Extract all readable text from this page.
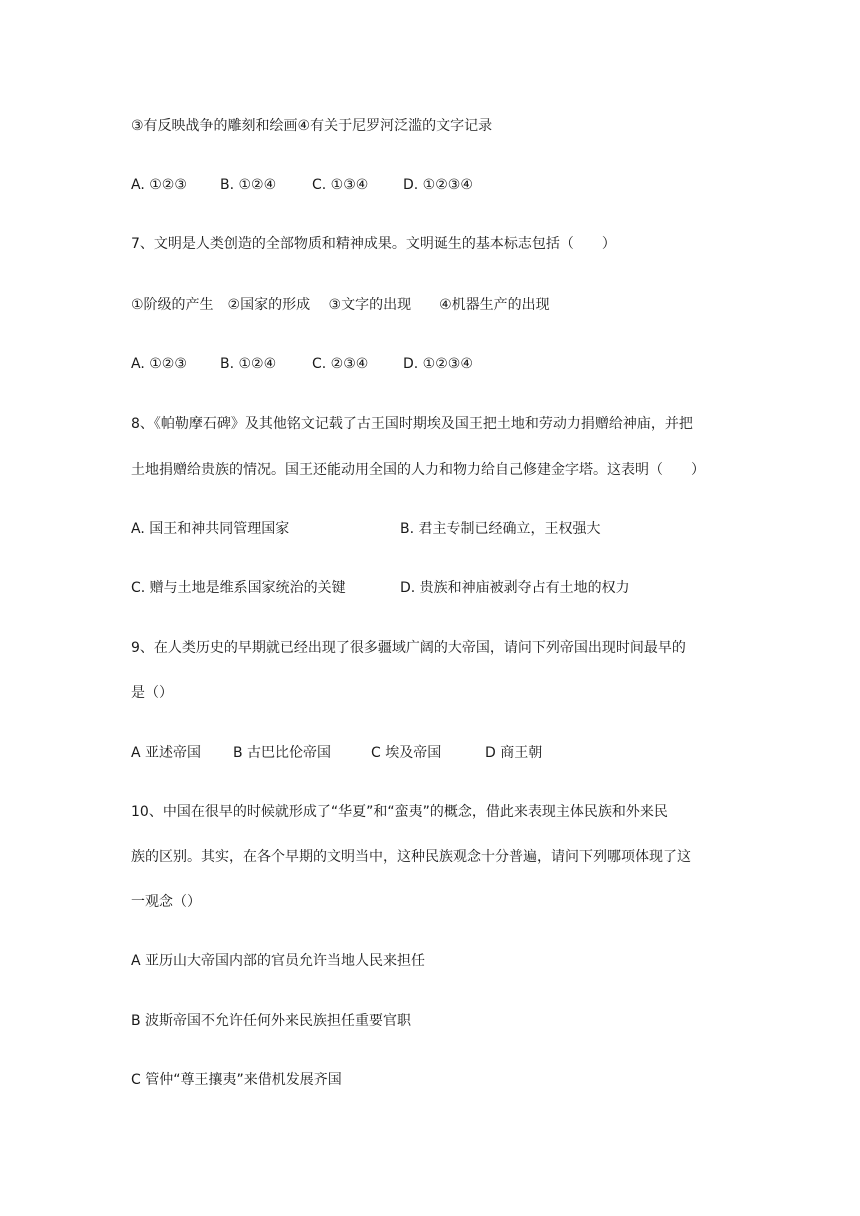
③有反映战争的雕刻和绘画④有关于尼罗河泛滥的文字记录
A. ①②③ B. ①②④	C. ①③④ D. ①②③④
7、文明是人类创造的全部物质和精神成果。文明诞生的基本标志包括（　　）
①阶级的产生　②国家的形成　 ③文字的出现　　④机器生产的出现
A. ①②③ B. ①②④	C. ②③④ D. ①②③④
8、《帕勒摩石碑》及其他铭文记载了古王国时期埃及国王把土地和劳动力捐赠给神庙，并把
土地捐赠给贵族的情况。国王还能动用全国的人力和物力给自己修建金字塔。这表明（　　）
A. 国王和神共同管理国家	B. 君主专制已经确立，王权强大
C. 赠与土地是维系国家统治的关键	D. 贵族和神庙被剥夺占有土地的权力
9、在人类历史的早期就已经出现了很多疆域广阔的大帝国，请问下列帝国出现时间最早的
是（）
A 亚述帝国 B 古巴比伦帝国	C 埃及帝国	D 商王朝
10、中国在很早的时候就形成了“华夏”和“蛮夷”的概念，借此来表现主体民族和外来民
族的区别。其实，在各个早期的文明当中，这种民族观念十分普遍，请问下列哪项体现了这
一观念（）
A 亚历山大帝国内部的官员允许当地人民来担任
B 波斯帝国不允许任何外来民族担任重要官职
C 管仲“尊王攘夷”来借机发展齐国
